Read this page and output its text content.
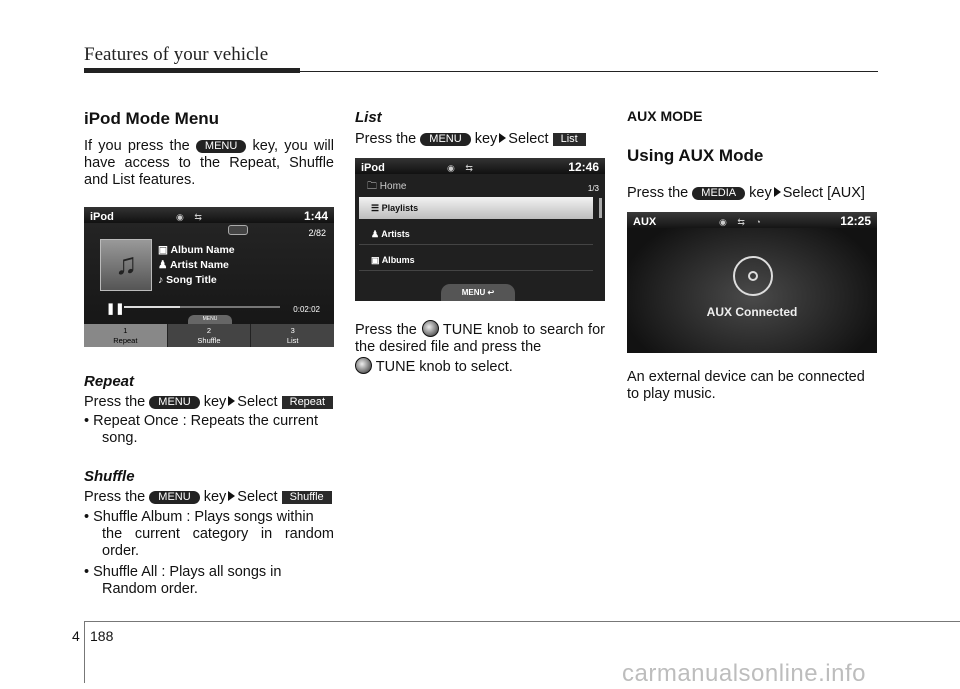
Features of your vehicle
iPod Mode Menu

If you press the MENU key, you will have access to the Repeat, Shuffle and List features.

iPod	◉ ⇆	1:44
2/82
♫	▣ Album Name
♟ Artist Name
♪ Song Title
❚❚	0:02:02
MENU
1
Repeat
2
Shuffle
3
List
Repeat

Press the MENU key Select Repeat

• Repeat Once : Repeats the current
song.
Shuffle

Press the MENU key Select Shuffle

• Shuffle Album : Plays songs within
the current category in random order.
• Shuffle All : Plays all songs in
Random order.
List

Press the MENU key Select List

iPod	◉ ⇆	12:46
🗀 Home	1/3
☰ Playlists
♟ Artists
▣ Albums
MENU ↩

Press the TUNE knob to search for the desired file and press the

TUNE knob to select.

AUX MODE
Using AUX Mode

Press the MEDIA key Select [AUX]

AUX	◉ ⇆ ◔	12:25
AUX Connected

An external device can be connected to play music.

4 188
carmanualsonline.info
